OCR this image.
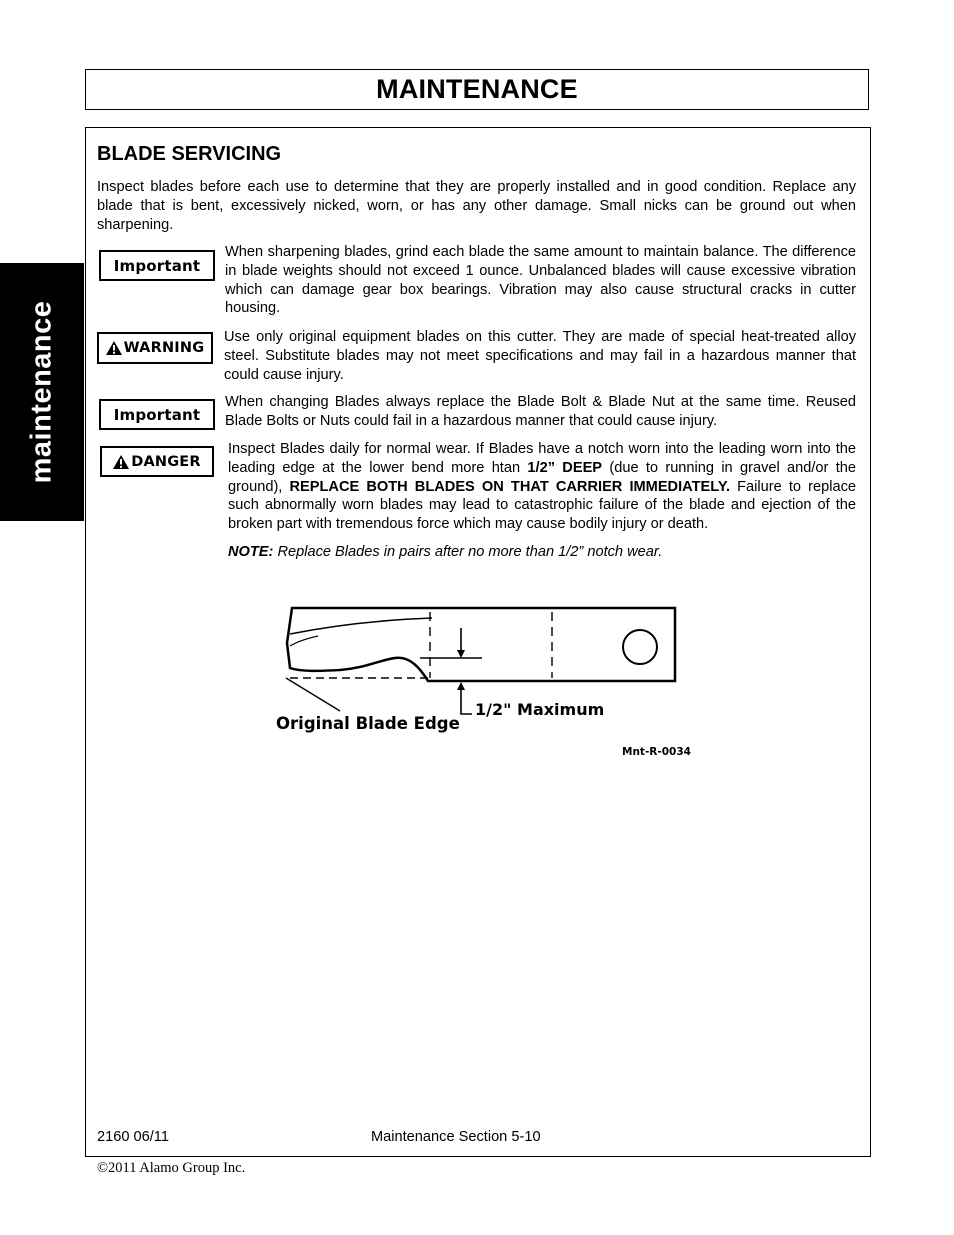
MAINTENANCE
maintenance
BLADE SERVICING
Inspect blades before each use to determine that they are properly installed and in good condition. Replace any blade that is bent, excessively nicked, worn, or has any other damage. Small nicks can be ground out when sharpening.
Important
When sharpening blades, grind each blade the same amount to maintain balance. The difference in blade weights should not exceed 1 ounce. Unbalanced blades will cause excessive vibration which can damage gear box bearings. Vibration may also cause structural cracks in cutter housing.
WARNING
Use only original equipment blades on this cutter. They are made of special heat-treated alloy steel. Substitute blades may not meet specifications and may fail in a hazardous manner that could cause injury.
Important
When changing Blades always replace the Blade Bolt & Blade Nut at the same time. Reused Blade Bolts or Nuts could fail in a hazardous manner that could cause injury.
DANGER
Inspect Blades daily for normal wear. If Blades have a notch worn into the leading worn into the leading edge at the lower bend more htan 1/2” DEEP (due to running in gravel and/or the ground), REPLACE BOTH BLADES ON THAT CARRIER IMMEDIATELY. Failure to replace such abnormally worn blades may lead to catastrophic failure of the blade and ejection of the broken part with tremendous force which may cause bodily injury or death.
NOTE: Replace Blades in pairs after no more than 1/2” notch wear.
1/2" Maximum
Original Blade Edge
Mnt-R-0034
2160 06/11	Maintenance Section 5-10
©2011 Alamo Group Inc.
